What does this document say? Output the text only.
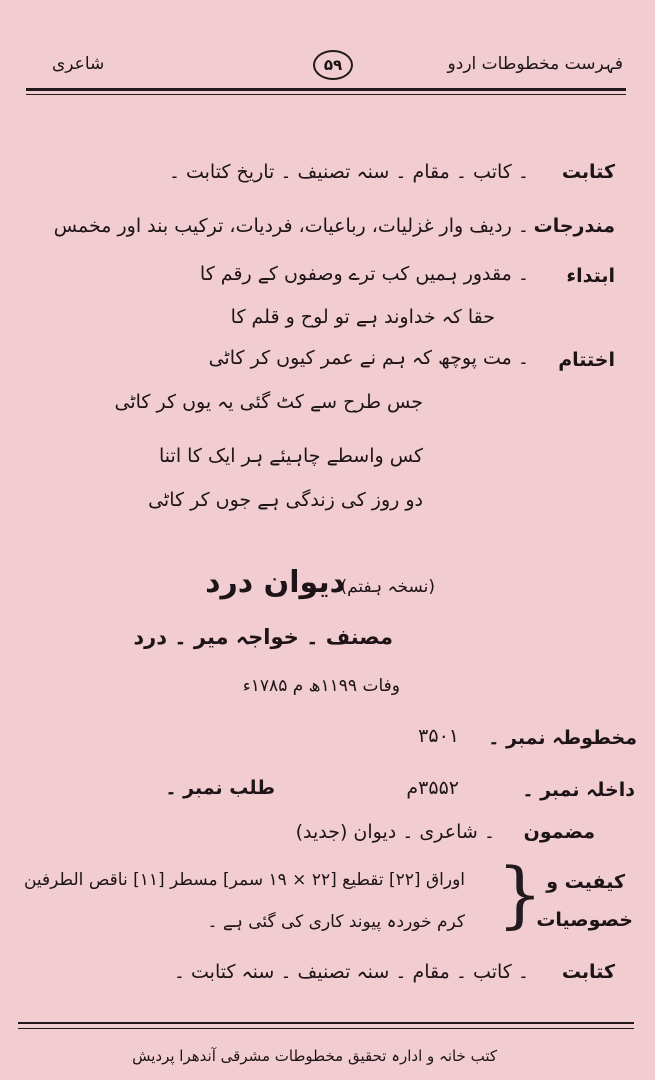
فہرست مخطوطات اردو
۵۹
شاعری
کتابت
۔ کاتب ۔ مقام ۔ سنہ تصنیف ۔ تاریخ کتابت ۔
مندرجات
۔ ردیف وار غزلیات، رباعیات، فردیات، ترکیب بند اور مخمس
ابتداء
۔ مقدور ہمیں کب ترے وصفوں کے رقم کا
حقا کہ خداوند ہے تو لوح و قلم کا
اختتام
۔ مت پوچھ کہ ہم نے عمر کیوں کر کاٹی
جس طرح سے کٹ گئی یہ یوں کر کاٹی
کس واسطے چاہیئے ہر ایک کا اتنا
دو روز کی زندگی ہے جوں کر کاٹی
دیوان درد
(نسخہ ہفتم)
مصنف ۔ خواجہ میر ۔ درد
وفات ۱۱۹۹ھ م ۱۷۸۵ء
مخطوطہ نمبر ۔
۳۵۰۱
داخلہ نمبر ۔
۳۵۵۲م
طلب نمبر ۔
مضمون
۔ شاعری ۔ دیوان (جدید)
کیفیت و
خصوصیات
}
اوراق [۲۲] تقطیع [۲۲ × ۱۹ سمر] مسطر [۱۱] ناقص الطرفین
کرم خوردہ پیوند کاری کی گئی ہے ۔
کتابت
۔ کاتب ۔ مقام ۔ سنہ تصنیف ۔ سنہ کتابت ۔
کتب خانہ و ادارہ تحقیق مخطوطات مشرقی آندھرا پردیش
